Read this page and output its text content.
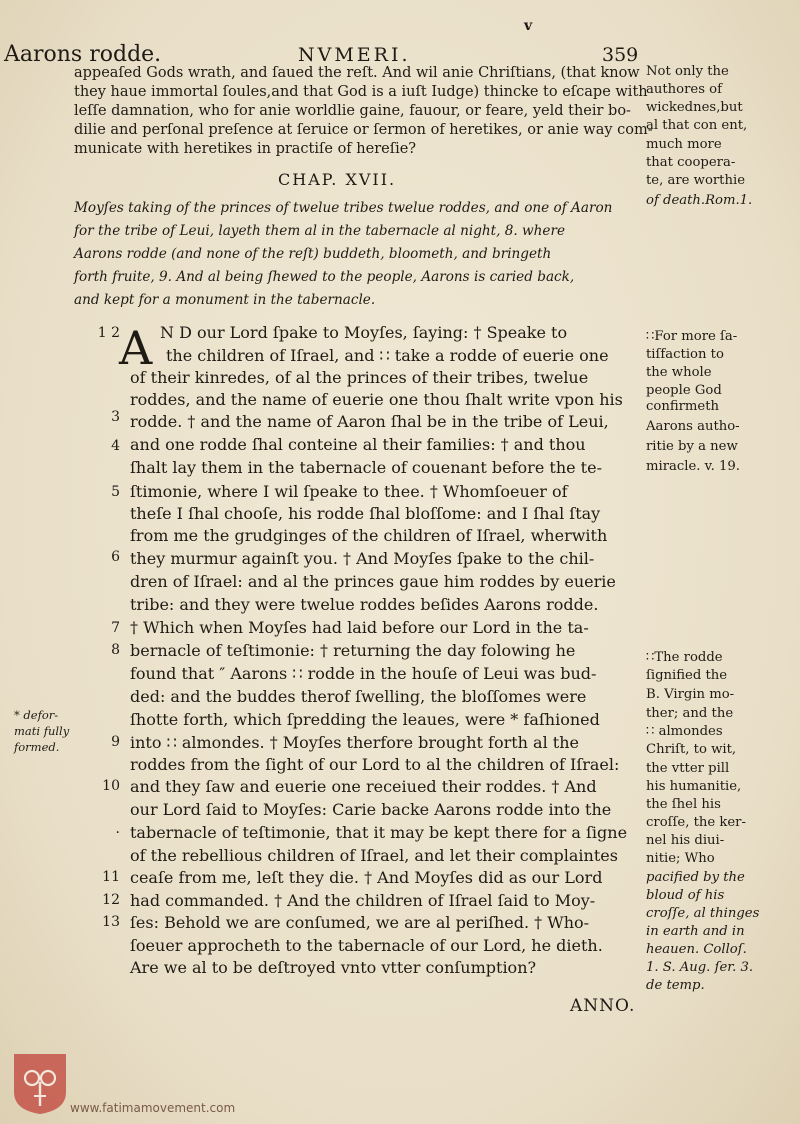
v
Aarons rodde.	NVMERI.	359
appeaſed Gods wrath, and ſaued the reſt. And wil anie Chriſtians, (that know
they haue immortal ſoules,and that God is a iuſt Iudge) thincke to eſcape with
leſſe damnation, who for anie worldlie gaine, fauour, or feare, yeld their bo-
dilie and perſonal preſence at ſeruice or ſermon of heretikes, or anie way com-
municate with heretikes in practiſe of hereſie?
CHAP. XVII.
Moyſes taking of the princes of twelue tribes twelue roddes, and one of Aaron
for the tribe of Leui, layeth them al in the tabernacle al night, 8. where
Aarons rodde (and none of the reſt) buddeth, bloometh, and bringeth
forth fruite, 9. And al being ſhewed to the people, Aarons is caried back,
and kept for a monument in the tabernacle.
A
1 2
3
4
5
6
7
8
9
10
·
11
12
13
N D our Lord ſpake to Moyſes, ſaying: † Speake to
the children of Iſrael, and ∷ take a rodde of euerie one
of their kinredes, of al the princes of their tribes, twelue
roddes, and the name of euerie one thou ſhalt write vpon his
rodde. † and the name of Aaron ſhal be in the tribe of Leui,
and one rodde ſhal conteine al their families: † and thou
ſhalt lay them in the tabernacle of couenant before the te-
ſtimonie, where I wil ſpeake to thee. † Whomſoeuer of
theſe I ſhal chooſe, his rodde ſhal bloſſome: and I ſhal ſtay
from me the grudginges of the children of Iſrael, wherwith
they murmur againſt you. † And Moyſes ſpake to the chil-
dren of Iſrael: and al the princes gaue him roddes by euerie
tribe: and they were twelue roddes beſides Aarons rodde.
† Which when Moyſes had laid before our Lord in the ta-
bernacle of teſtimonie: † returning the day folowing he
found that ″ Aarons ∷ rodde in the houſe of Leui was bud-
ded: and the buddes therof ſwelling, the bloſſomes were
ſhotte forth, which ſpredding the leaues, were * faſhioned
into ∷ almondes. † Moyſes therfore brought forth al the
roddes from the ſight of our Lord to al the children of Iſrael:
and they ſaw and euerie one receiued their roddes. † And
our Lord ſaid to Moyſes: Carie backe Aarons rodde into the
tabernacle of teſtimonie, that it may be kept there for a ſigne
of the rebellious children of Iſrael, and let their complaintes
ceaſe from me, leſt they die. † And Moyſes did as our Lord
had commanded. † And the children of Iſrael ſaid to Moy-
ſes: Behold we are conſumed, we are al periſhed. † Who-
ſoeuer approcheth to the tabernacle of our Lord, he dieth.
Are we al to be deſtroyed vnto vtter conſumption?
Not only the
authores of
wickednes,but
al that con ent,
much more
that coopera-
te, are worthie
of death.Rom.1.
∷For more ſa-
tiſfaction to
the whole
people God
confirmeth
Aarons autho-
ritie by a new
miracle. v. 19.
∷The rodde
ſignified the
B. Virgin mo-
ther; and the
∷ almondes
Chriſt, to wit,
the vtter pill
his humanitie,
the ſhel his
croſſe, the ker-
nel his diui-
nitie; Who
pacified by the
bloud of his
croſſe, al thinges
in earth and in
heauen. Colloſ.
1. S. Aug. ſer. 3.
de temp.
* defor-
mati fully
formed.
ANNO.
www.fatimamovement.com
